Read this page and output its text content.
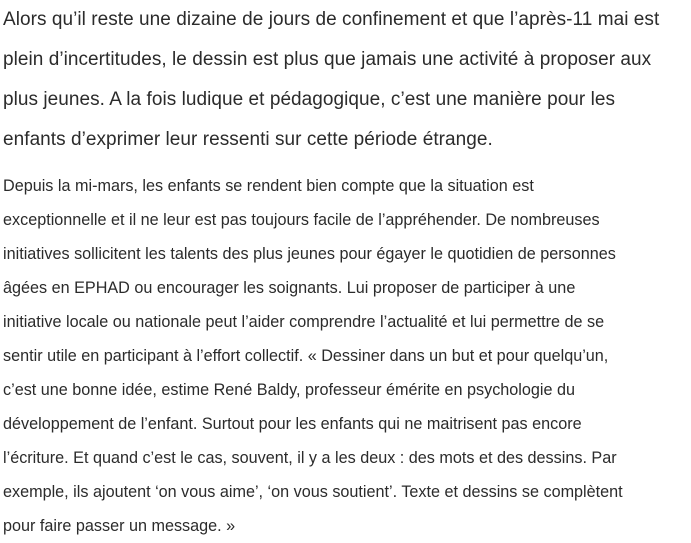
Alors qu’il reste une dizaine de jours de confinement et que l’après-11 mai est
plein d’incertitudes, le dessin est plus que jamais une activité à proposer aux
plus jeunes. A la fois ludique et pédagogique, c’est une manière pour les
enfants d’exprimer leur ressenti sur cette période étrange.

Depuis la mi-mars, les enfants se rendent bien compte que la situation est
exceptionnelle et il ne leur est pas toujours facile de l’appréhender. De nombreuses
initiatives sollicitent les talents des plus jeunes pour égayer le quotidien de personnes
âgées en EPHAD ou encourager les soignants. Lui proposer de participer à une
initiative locale ou nationale peut l’aider comprendre l’actualité et lui permettre de se
sentir utile en participant à l’effort collectif. « Dessiner dans un but et pour quelqu’un,
c’est une bonne idée, estime René Baldy, professeur émérite en psychologie du
développement de l’enfant. Surtout pour les enfants qui ne maitrisent pas encore
l’écriture. Et quand c’est le cas, souvent, il y a les deux : des mots et des dessins. Par
exemple, ils ajoutent ‘on vous aime’, ‘on vous soutient’. Texte et dessins se complètent
pour faire passer un message. »
